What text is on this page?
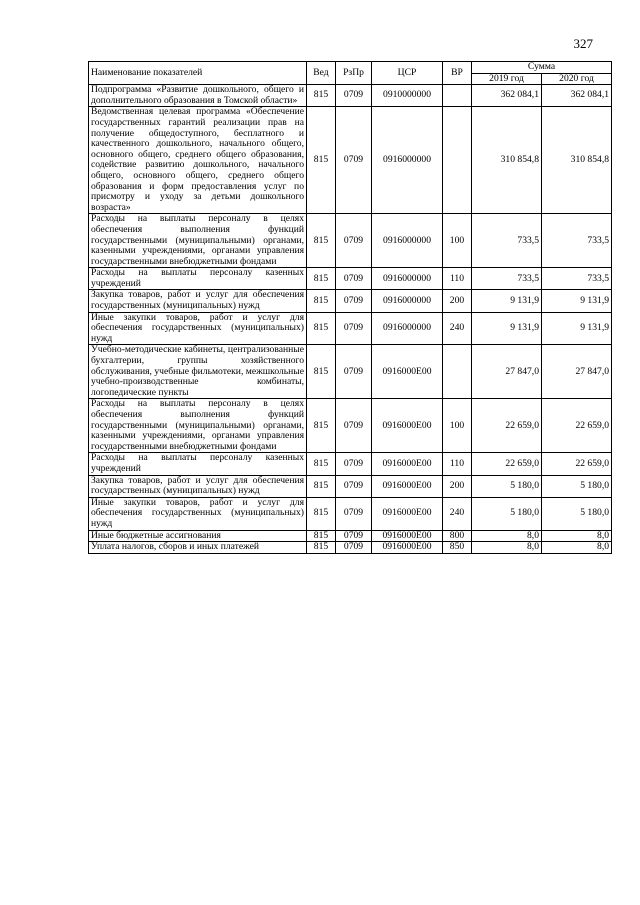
327
Наименование показателей	Вед	РзПр	ЦСР	ВР	Сумма	
					2019 год	2020 год
Подпрограмма «Развитие дошкольного, общего и дополнительного образования в Томской области»	815	0709	0910000000		362 084,1	362 084,1
Ведомственная целевая программа «Обеспечение государственных гарантий реализации прав на получение общедоступного, бесплатного и качественного дошкольного, начального общего, основного общего, среднего общего образования, содействие развитию дошкольного, начального общего, основного общего, среднего общего образования и форм предоставления услуг по присмотру и уходу за детьми дошкольного возраста»	815	0709	0916000000		310 854,8	310 854,8
Расходы на выплаты персоналу в целях обеспечения выполнения функций государственными (муниципальными) органами, казенными учреждениями, органами управления государственными внебюджетными фондами	815	0709	0916000000	100	733,5	733,5
Расходы на выплаты персоналу казенных учреждений	815	0709	0916000000	110	733,5	733,5
Закупка товаров, работ и услуг для обеспечения государственных (муниципальных) нужд	815	0709	0916000000	200	9 131,9	9 131,9
Иные закупки товаров, работ и услуг для обеспечения государственных (муниципальных) нужд	815	0709	0916000000	240	9 131,9	9 131,9
Учебно-методические кабинеты, централизованные бухгалтерии, группы хозяйственного обслуживания, учебные фильмотеки, межшкольные учебно-производственные комбинаты, логопедические пункты	815	0709	0916000Е00		27 847,0	27 847,0
Расходы на выплаты персоналу в целях обеспечения выполнения функций государственными (муниципальными) органами, казенными учреждениями, органами управления государственными внебюджетными фондами	815	0709	0916000Е00	100	22 659,0	22 659,0
Расходы на выплаты персоналу казенных учреждений	815	0709	0916000Е00	110	22 659,0	22 659,0
Закупка товаров, работ и услуг для обеспечения государственных (муниципальных) нужд	815	0709	0916000Е00	200	5 180,0	5 180,0
Иные закупки товаров, работ и услуг для обеспечения государственных (муниципальных) нужд	815	0709	0916000Е00	240	5 180,0	5 180,0
Иные бюджетные ассигнования	815	0709	0916000Е00	800	8,0	8,0
Уплата налогов, сборов и иных платежей	815	0709	0916000Е00	850	8,0	8,0
